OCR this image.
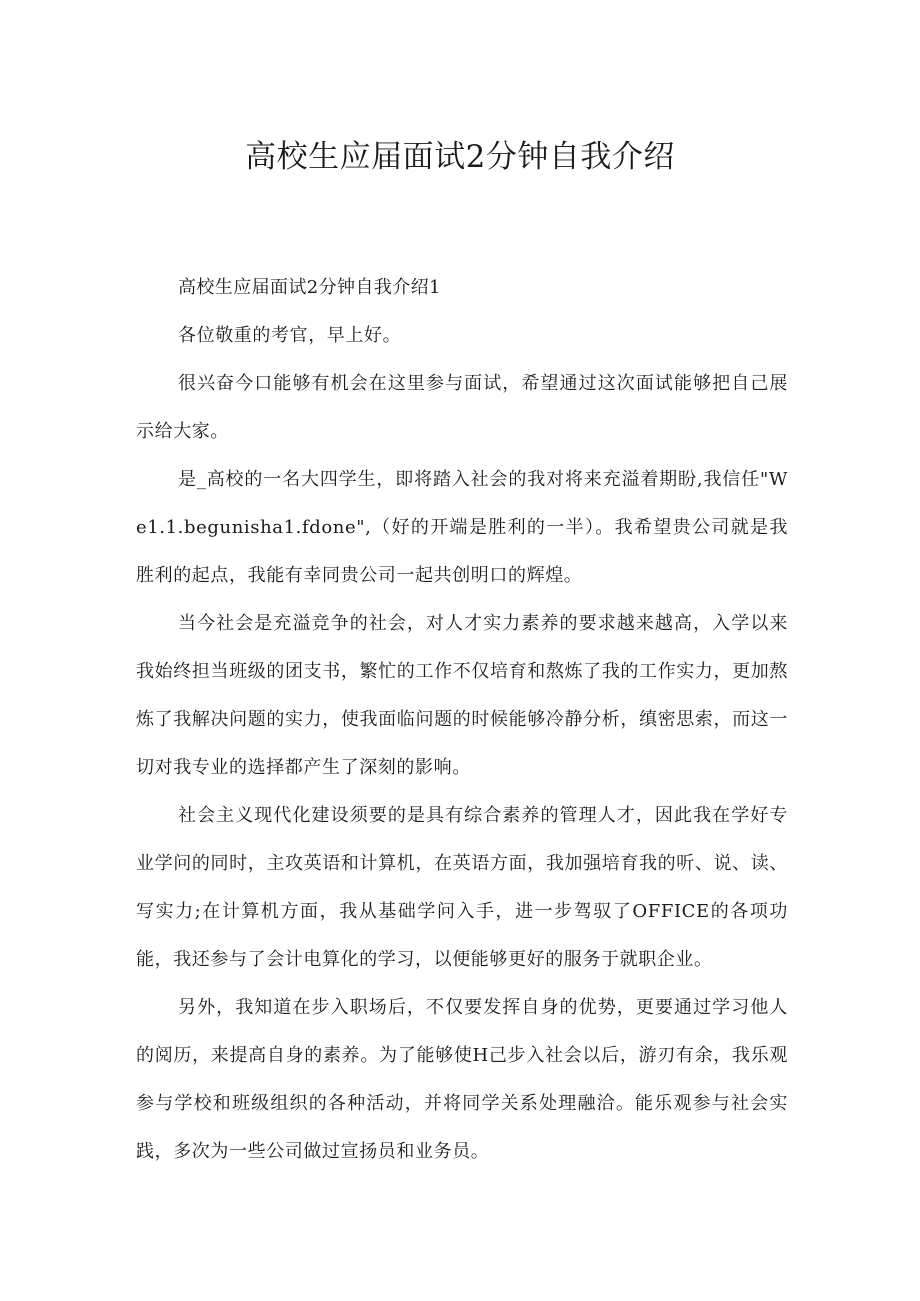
高校生应届面试2分钟自我介绍

高校生应届面试2分钟自我介绍1

各位敬重的考官，早上好。

很兴奋今口能够有机会在这里参与面试，希望通过这次面试能够把自己展示给大家。

是_高校的一名大四学生，即将踏入社会的我对将来充溢着期盼,我信任"We1.1.begunisha1.fdone",（好的开端是胜利的一半）。我希望贵公司就是我胜利的起点，我能有幸同贵公司一起共创明口的辉煌。

当今社会是充溢竞争的社会，对人才实力素养的要求越来越高，入学以来我始终担当班级的团支书，繁忙的工作不仅培育和熬炼了我的工作实力，更加熬炼了我解决问题的实力，使我面临问题的时候能够冷静分析，缜密思索，而这一切对我专业的选择都产生了深刻的影响。

社会主义现代化建设须要的是具有综合素养的管理人才，因此我在学好专业学问的同时，主攻英语和计算机，在英语方面，我加强培育我的听、说、读、写实力;在计算机方面，我从基础学问入手，进一步驾驭了OFFICE的各项功能，我还参与了会计电算化的学习，以便能够更好的服务于就职企业。

另外，我知道在步入职场后，不仅要发挥自身的优势，更要通过学习他人的阅历，来提高自身的素养。为了能够使H己步入社会以后，游刃有余，我乐观参与学校和班级组织的各种活动，并将同学关系处理融洽。能乐观参与社会实践，多次为一些公司做过宣扬员和业务员。
